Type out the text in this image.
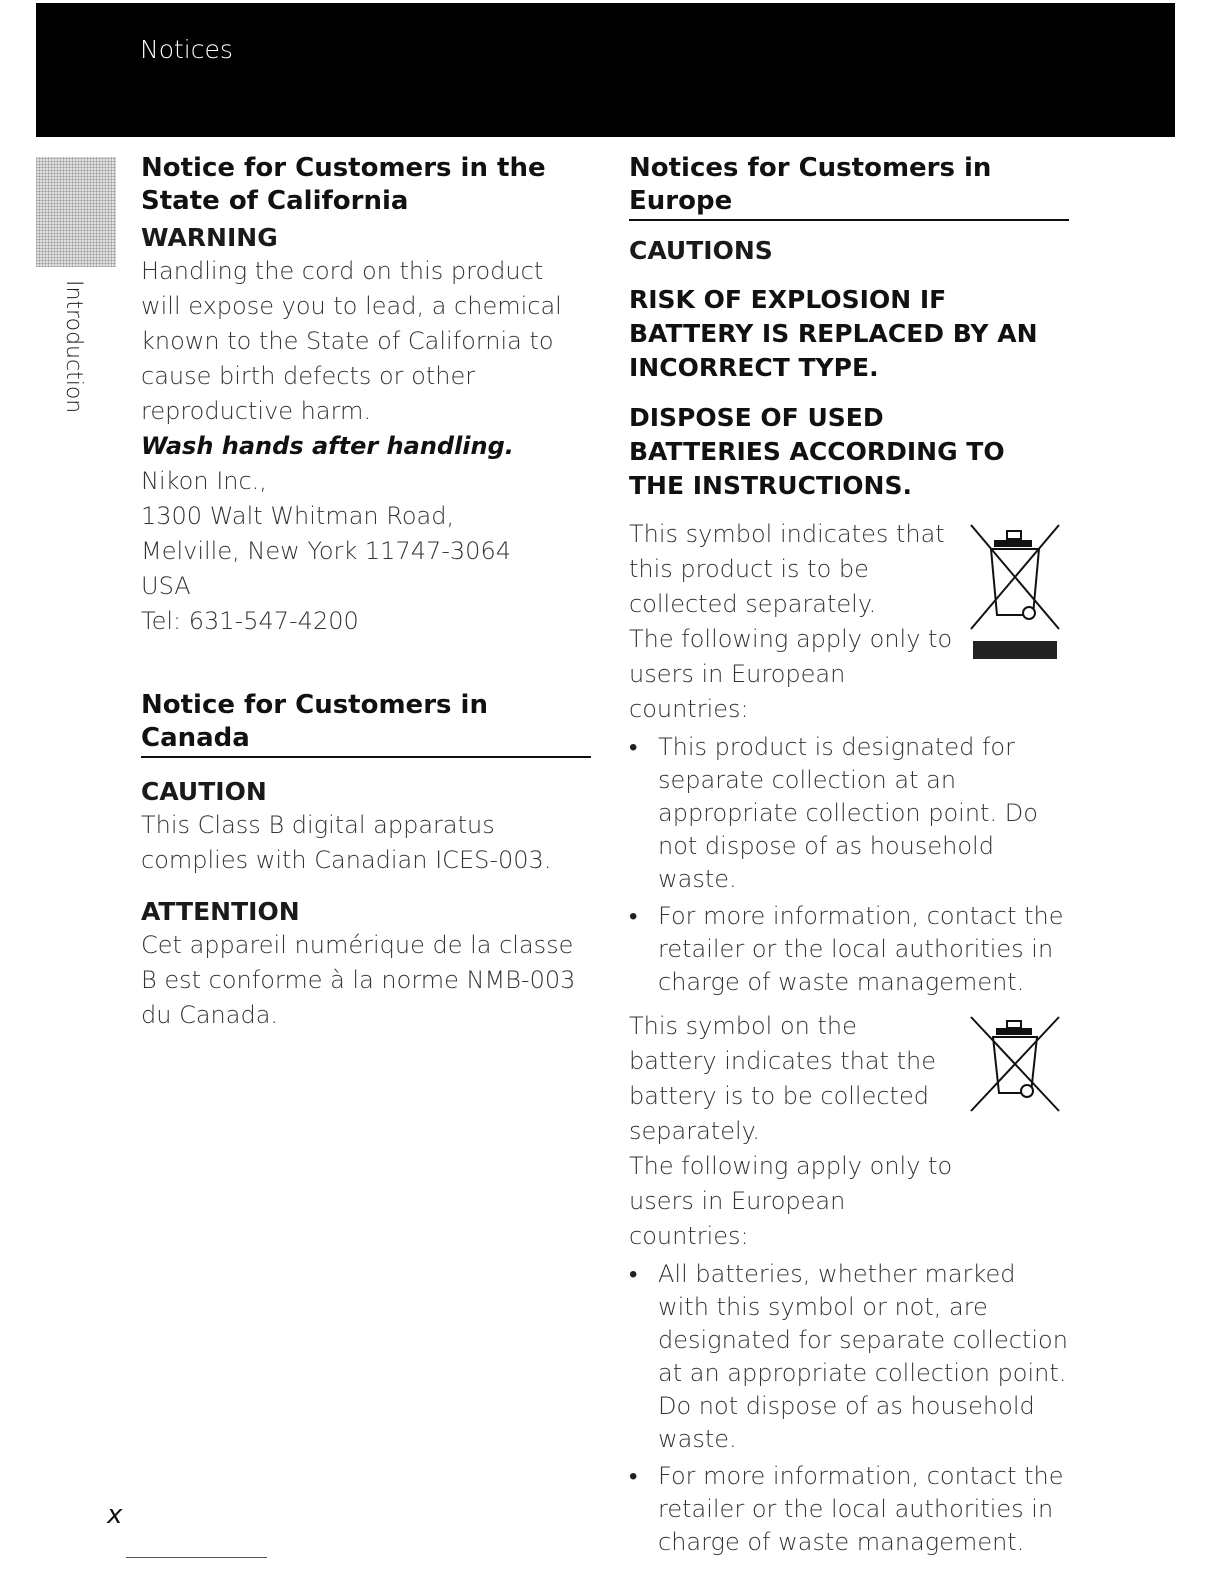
Notices
Introduction
Notice for Customers in the State of California
WARNING

Handling the cord on this product will expose you to lead, a chemical known to the State of California to cause birth defects or other reproductive harm.

Wash hands after handling.

Nikon Inc.,

1300 Walt Whitman Road,

Melville, New York 11747-3064

USA

Tel: 631-547-4200

Notice for Customers in Canada
CAUTION

This Class B digital apparatus complies with Canadian ICES-003.

ATTENTION

Cet appareil numérique de la classe B est conforme à la norme NMB-003 du Canada.

Notices for Customers in Europe
CAUTIONS

RISK OF EXPLOSION IF BATTERY IS REPLACED BY AN INCORRECT TYPE.

DISPOSE OF USED BATTERIES ACCORDING TO THE INSTRUCTIONS.

This symbol indicates that this product is to be collected separately.

The following apply only to users in European countries:

• This product is designated for separate collection at an appropriate collection point. Do not dispose of as household waste.
• For more information, contact the retailer or the local authorities in charge of waste management.

This symbol on the battery indicates that the battery is to be collected separately.

The following apply only to users in European countries:

• All batteries, whether marked with this symbol or not, are designated for separate collection at an appropriate collection point. Do not dispose of as household waste.
• For more information, contact the retailer or the local authorities in charge of waste management.
x
